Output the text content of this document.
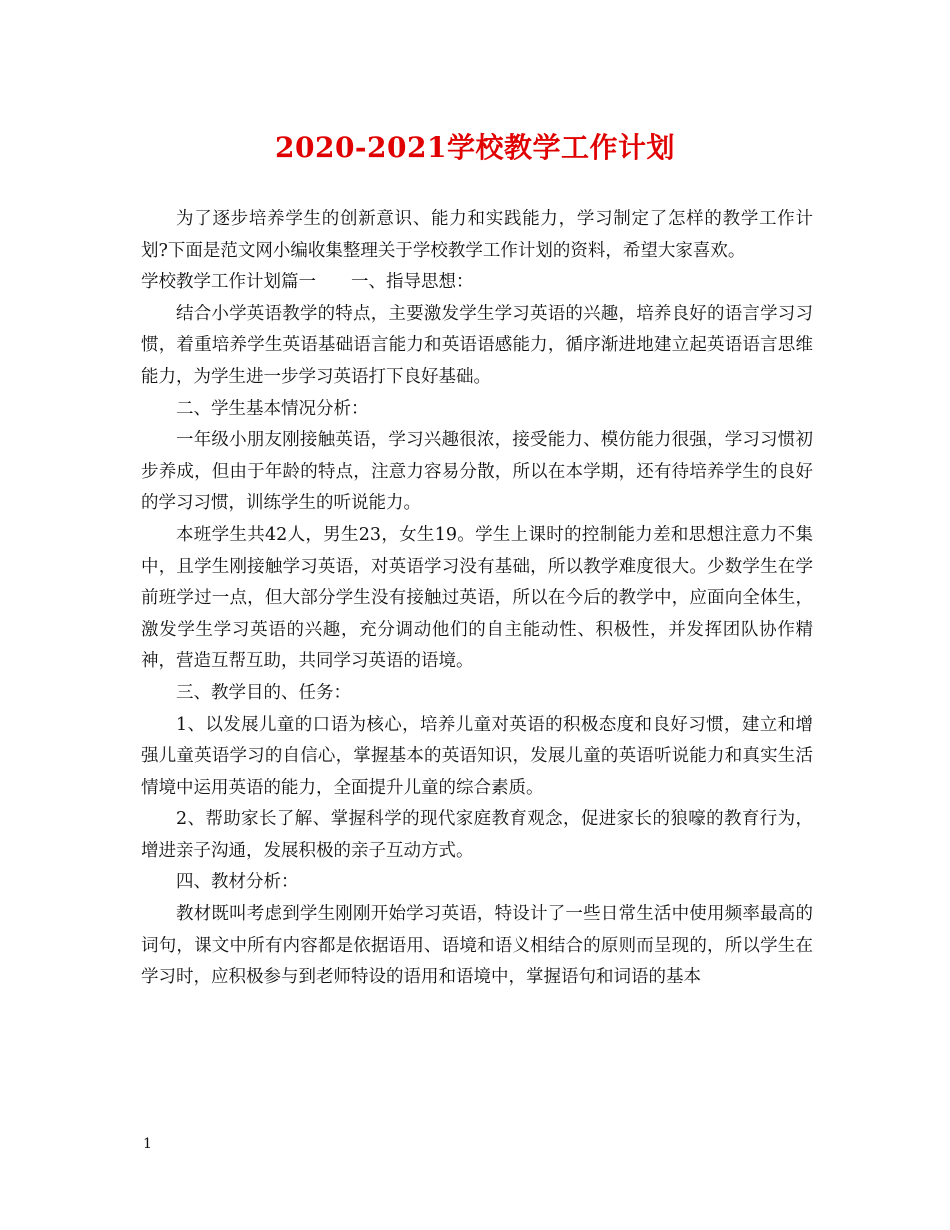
2020-2021学校教学工作计划

为了逐步培养学生的创新意识、能力和实践能力，学习制定了怎样的教学工作计划?下面是范文网小编收集整理关于学校教学工作计划的资料，希望大家喜欢。

学校教学工作计划篇一　　一、指导思想：

结合小学英语教学的特点，主要激发学生学习英语的兴趣，培养良好的语言学习习惯，着重培养学生英语基础语言能力和英语语感能力，循序渐进地建立起英语语言思维能力，为学生进一步学习英语打下良好基础。

二、学生基本情况分析：

一年级小朋友刚接触英语，学习兴趣很浓，接受能力、模仿能力很强，学习习惯初步养成，但由于年龄的特点，注意力容易分散，所以在本学期，还有待培养学生的良好的学习习惯，训练学生的听说能力。

本班学生共42人，男生23，女生19。学生上课时的控制能力差和思想注意力不集中，且学生刚接触学习英语，对英语学习没有基础，所以教学难度很大。少数学生在学前班学过一点，但大部分学生没有接触过英语，所以在今后的教学中，应面向全体生，激发学生学习英语的兴趣，充分调动他们的自主能动性、积极性，并发挥团队协作精神，营造互帮互助，共同学习英语的语境。

三、教学目的、任务：

1、以发展儿童的口语为核心，培养儿童对英语的积极态度和良好习惯，建立和增强儿童英语学习的自信心，掌握基本的英语知识，发展儿童的英语听说能力和真实生活情境中运用英语的能力，全面提升儿童的综合素质。

2、帮助家长了解、掌握科学的现代家庭教育观念，促进家长的狼嚎的教育行为，增进亲子沟通，发展积极的亲子互动方式。

四、教材分析：

教材既叫考虑到学生刚刚开始学习英语，特设计了一些日常生活中使用频率最高的词句，课文中所有内容都是依据语用、语境和语义相结合的原则而呈现的，所以学生在学习时，应积极参与到老师特设的语用和语境中，掌握语句和词语的基本

1
